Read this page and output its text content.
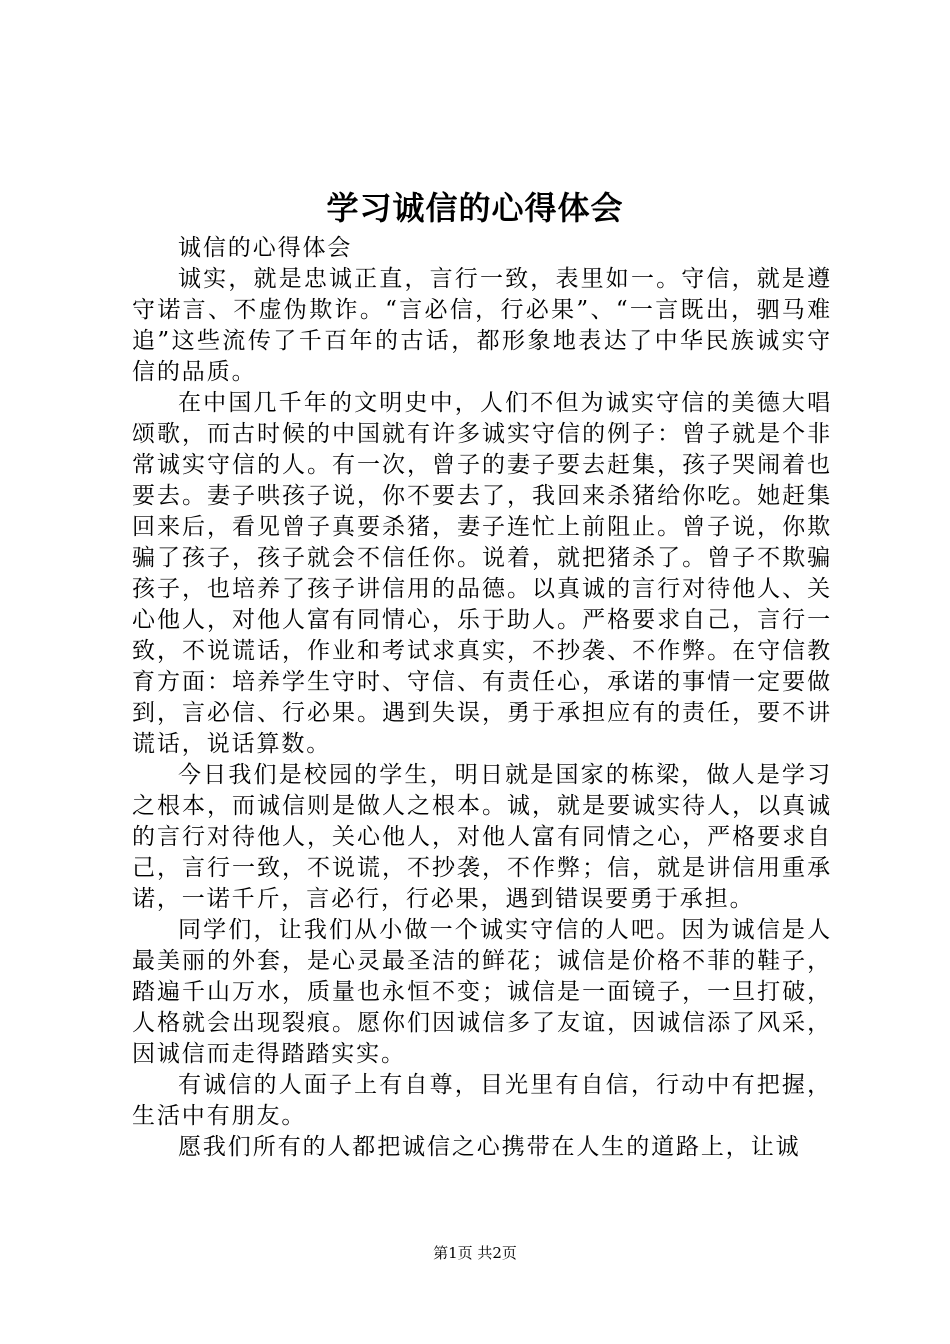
学习诚信的心得体会

诚信的心得体会

诚实，就是忠诚正直，言行一致，表里如一。守信，就是遵守诺言、不虚伪欺诈。“言必信，行必果”、“一言既出，驷马难追”这些流传了千百年的古话，都形象地表达了中华民族诚实守信的品质。

在中国几千年的文明史中，人们不但为诚实守信的美德大唱颂歌，而古时候的中国就有许多诚实守信的例子：曾子就是个非常诚实守信的人。有一次，曾子的妻子要去赶集，孩子哭闹着也要去。妻子哄孩子说，你不要去了，我回来杀猪给你吃。她赶集回来后，看见曾子真要杀猪，妻子连忙上前阻止。曾子说，你欺骗了孩子，孩子就会不信任你。说着，就把猪杀了。曾子不欺骗孩子，也培养了孩子讲信用的品德。以真诚的言行对待他人、关心他人，对他人富有同情心，乐于助人。严格要求自己，言行一致，不说谎话，作业和考试求真实，不抄袭、不作弊。在守信教育方面：培养学生守时、守信、有责任心，承诺的事情一定要做到，言必信、行必果。遇到失误，勇于承担应有的责任，要不讲谎话，说话算数。

今日我们是校园的学生，明日就是国家的栋梁，做人是学习之根本，而诚信则是做人之根本。诚，就是要诚实待人，以真诚的言行对待他人，关心他人，对他人富有同情之心，严格要求自己，言行一致，不说谎，不抄袭，不作弊；信，就是讲信用重承诺，一诺千斤，言必行，行必果，遇到错误要勇于承担。

同学们，让我们从小做一个诚实守信的人吧。因为诚信是人最美丽的外套，是心灵最圣洁的鲜花；诚信是价格不菲的鞋子，踏遍千山万水，质量也永恒不变；诚信是一面镜子，一旦打破，人格就会出现裂痕。愿你们因诚信多了友谊，因诚信添了风采，因诚信而走得踏踏实实。

有诚信的人面子上有自尊，目光里有自信，行动中有把握，生活中有朋友。

愿我们所有的人都把诚信之心携带在人生的道路上，让诚

第1页 共2页
